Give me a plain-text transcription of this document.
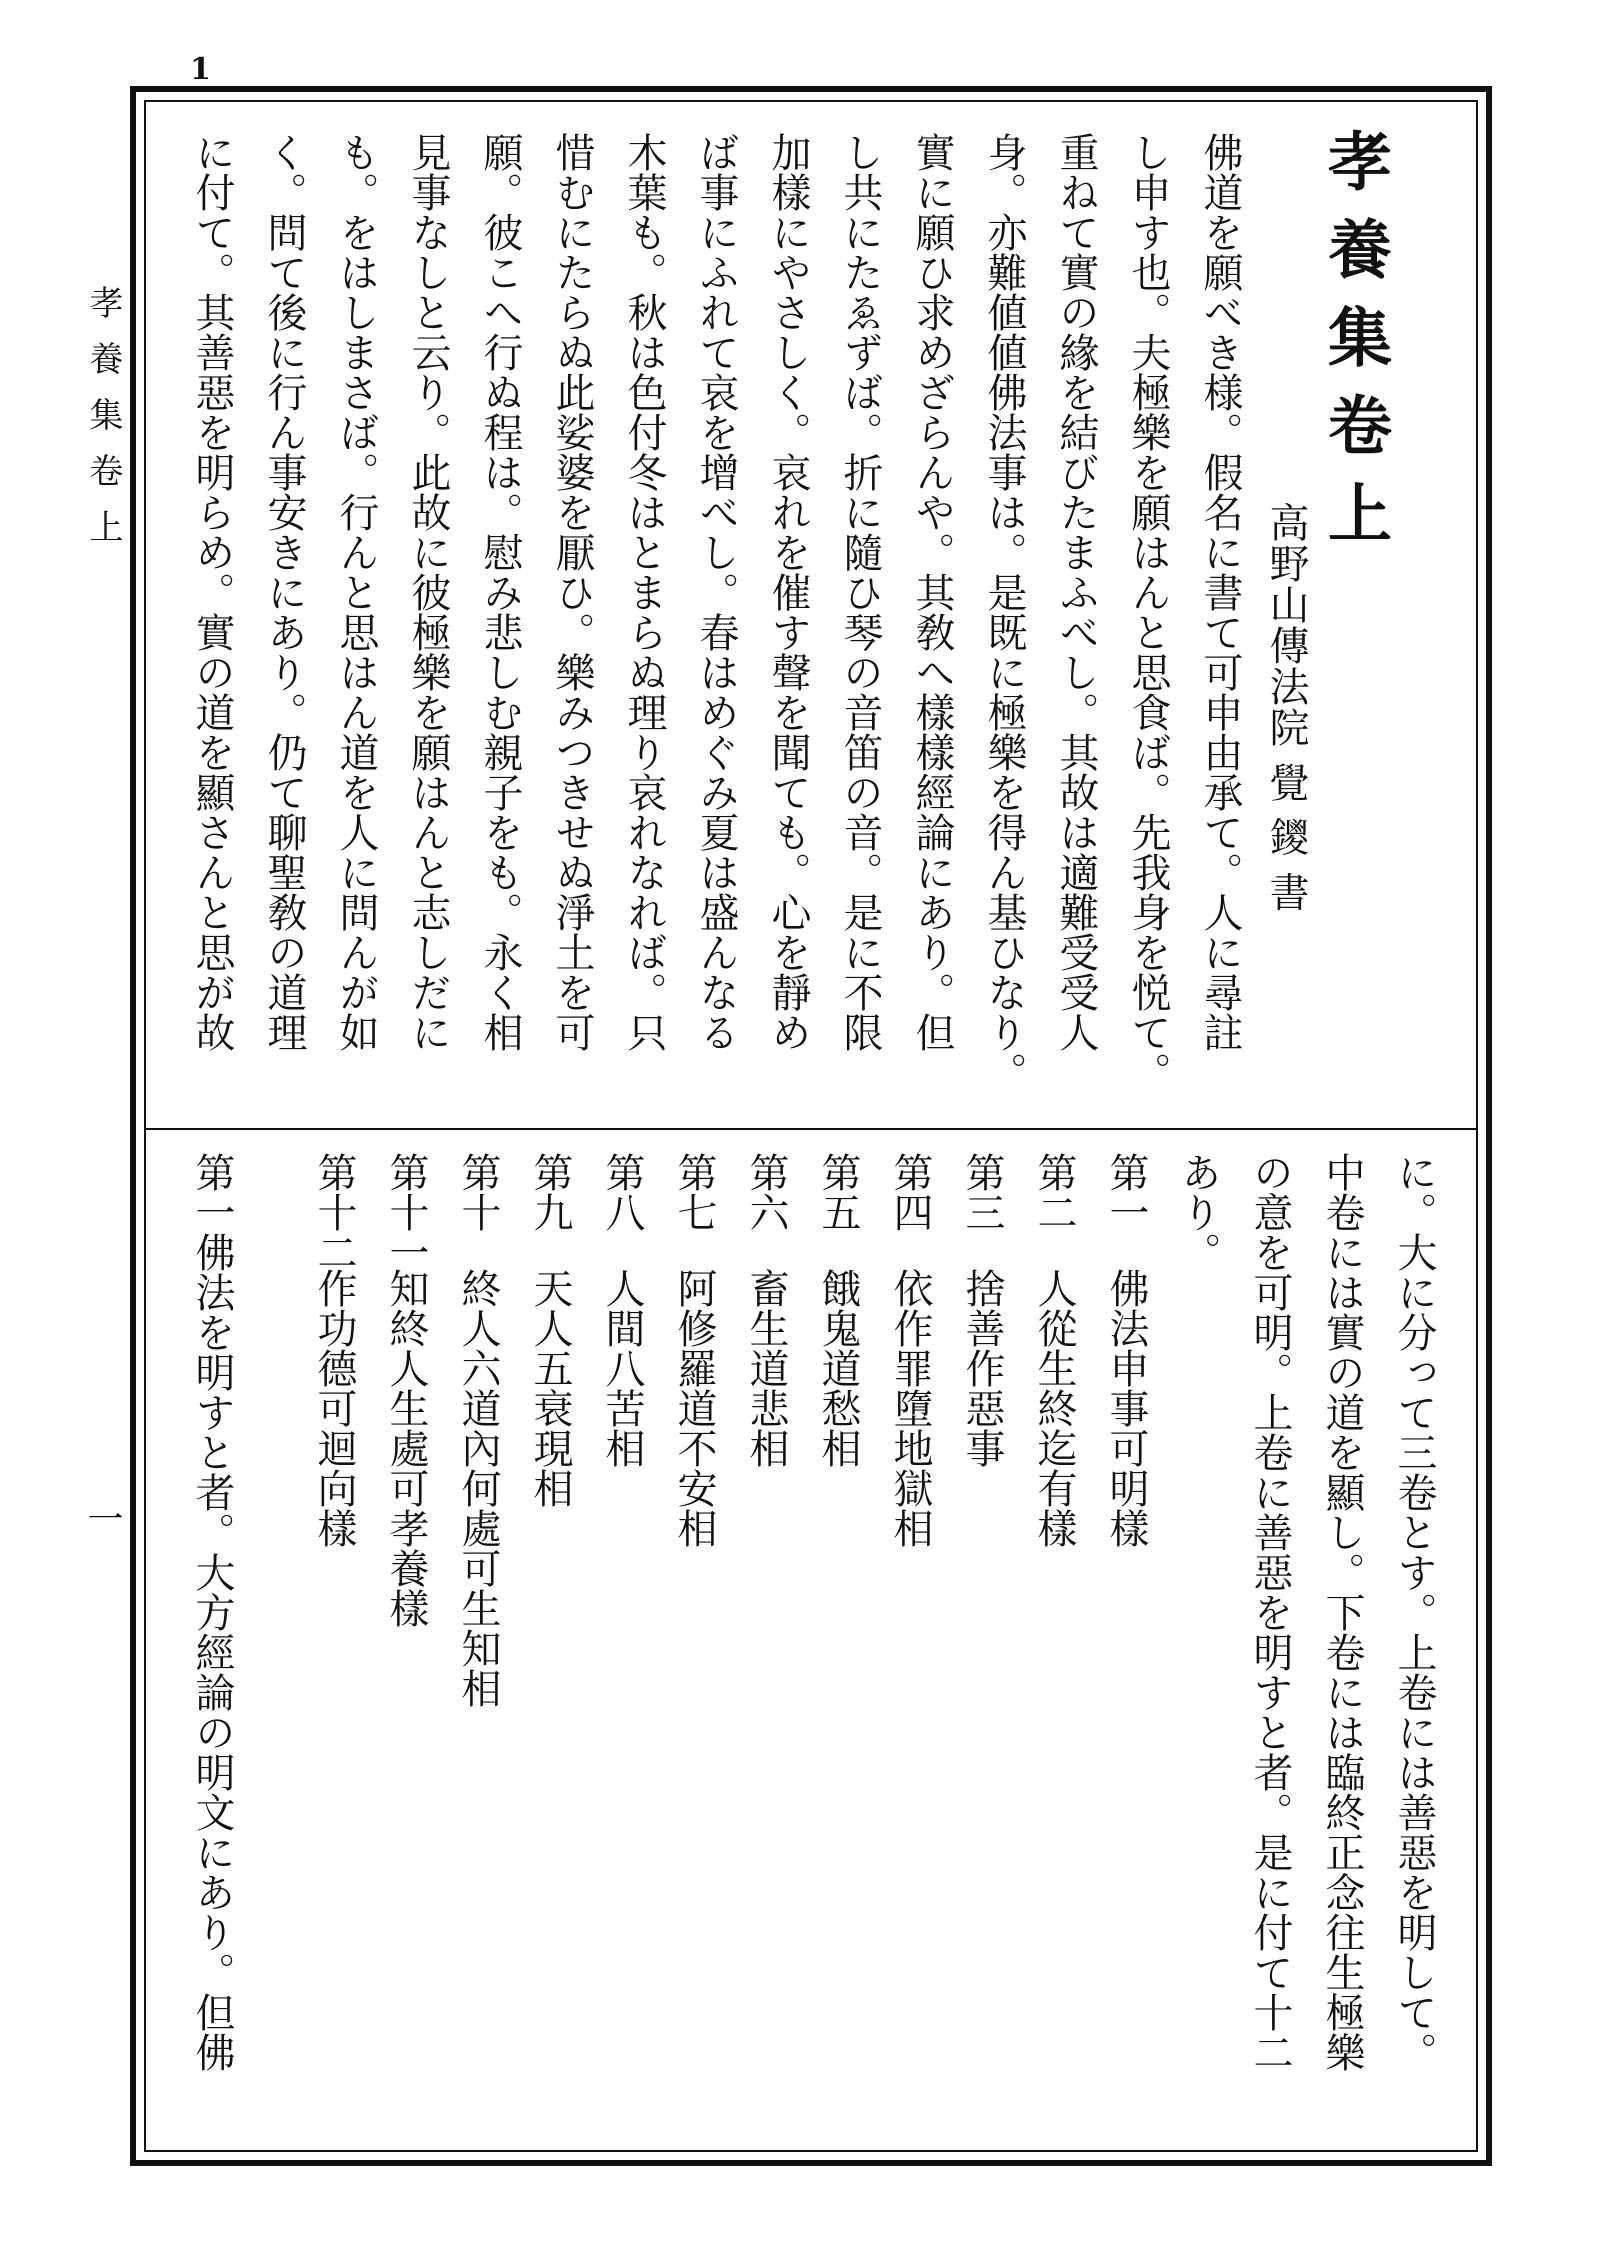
1
孝養集卷上
一
孝養集卷上
高野山傳法院 覺 鑁 書
佛道を願べき様。假名に書て可申由承て。人に尋註
し申す也。夫極樂を願はんと思食ば。先我身を悦て。
重ねて實の緣を結びたまふべし。其故は適難受受人
身。亦難値値佛法事は。是既に極樂を得ん基ひなり。
實に願ひ求めざらんや。其敎へ樣樣經論にあり。但
し共にたゑずば。折に隨ひ琴の音笛の音。是に不限
加樣にやさしく。哀れを催す聲を聞ても。心を靜め
ば事にふれて哀を增べし。春はめぐみ夏は盛んなる
木葉も。秋は色付冬はとまらぬ理り哀れなれば。只
惜むにたらぬ此娑婆を厭ひ。樂みつきせぬ淨土を可
願。彼こへ行ぬ程は。慰み悲しむ親子をも。永く相
見事なしと云り。此故に彼極樂を願はんと志しだに
も。をはしまさば。行んと思はん道を人に問んが如
く。問て後に行ん事安きにあり。仍て聊聖敎の道理
に付て。其善惡を明らめ。實の道を顯さんと思が故
に。大に分って三卷とす。上卷には善惡を明して。
中卷には實の道を顯し。下卷には臨終正念往生極樂
の意を可明。上卷に善惡を明すと者。是に付て十二
あり。
第一佛法申事可明樣
第二人從生終迄有樣
第三捨善作惡事
第四依作罪墮地獄相
第五餓鬼道愁相
第六畜生道悲相
第七阿修羅道不安相
第八人間八苦相
第九天人五衰現相
第十終人六道內何處可生知相
第十一知終人生處可孝養樣
第十二作功德可迴向樣
第一佛法を明すと者。大方經論の明文にあり。但佛
